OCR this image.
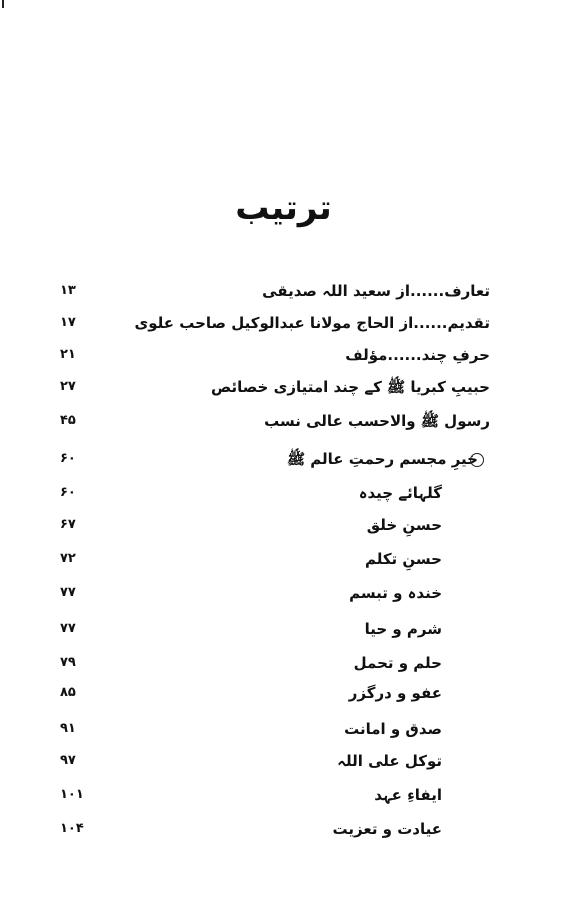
ترتیب
۱۳	تعارف......از سعید اللہ صدیقی
۱۷	تقدیم......از الحاج مولانا عبدالوکیل صاحب علوی
۲۱	حرفِ چند......مؤلف
۲۷	حبیبِ کبریا ﷺ کے چند امتیازی خصائص
۴۵	رسول ﷺ والاحسب عالی نسب
۶۰	خیرِ مجسم رحمتِ عالم ﷺ
۶۰	گلہائے چیدہ
۶۷	حسنِ خلق
۷۲	حسنِ تکلم
۷۷	خندہ و تبسم
۷۷	شرم و حیا
۷۹	حلم و تحمل
۸۵	عفو و درگزر
۹۱	صدق و امانت
۹۷	توکل علی اللہ
۱۰۱	ایفاءِ عہد
۱۰۴	عیادت و تعزیت
